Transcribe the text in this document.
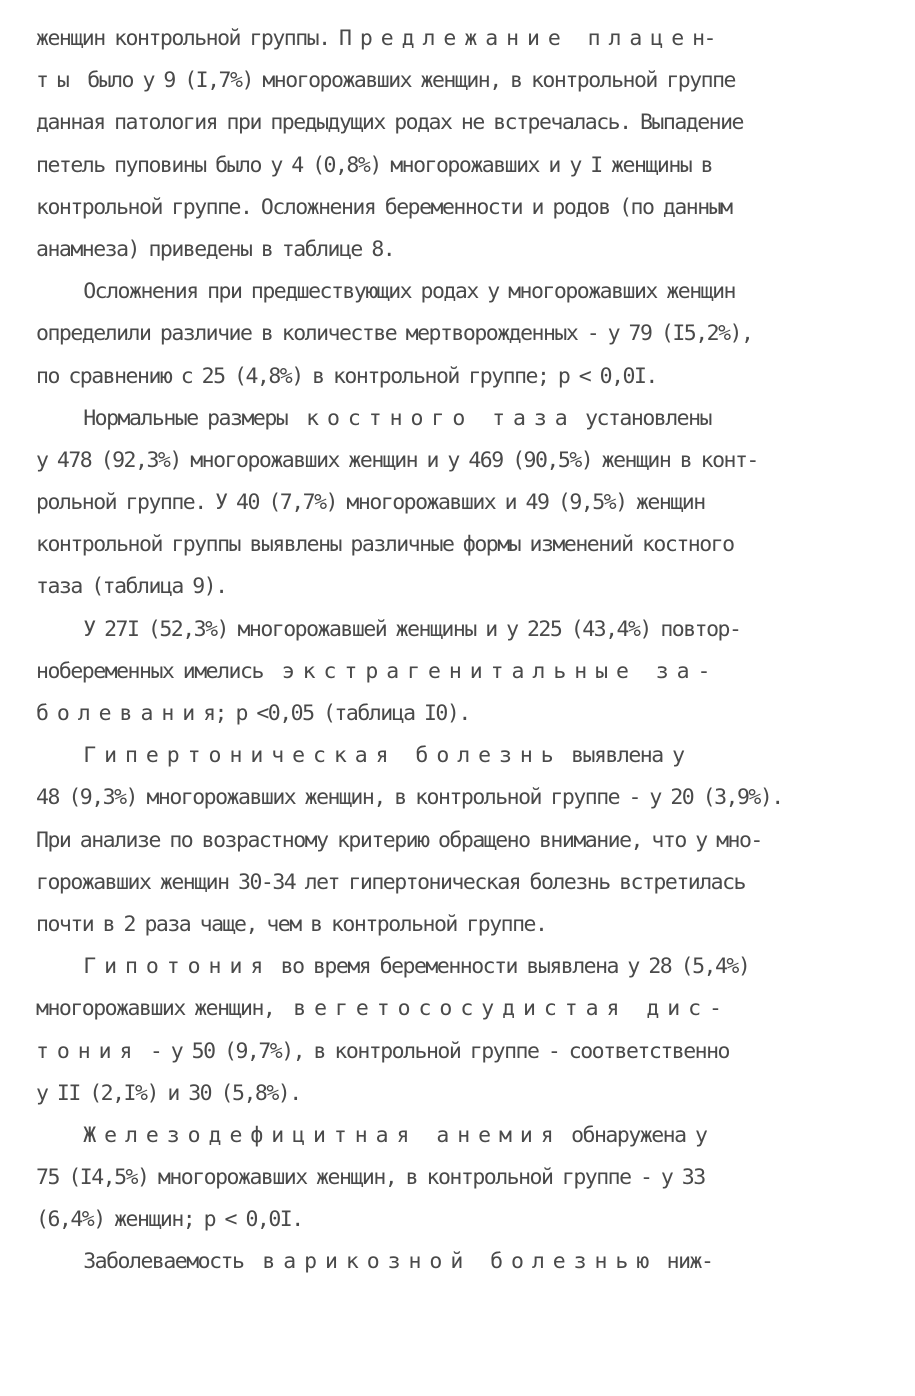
женщин контрольной группы. П р е д л е ж а н и е   п л а ц е н-
т ы  было у 9 (I,7%) многорожавших женщин, в контрольной группе
данная патология при предыдущих родах не встречалась. Выпадение
петель пуповины было у 4 (0,8%) многорожавших и у I женщины в
контрольной группе. Осложнения беременности и родов (по данным
анамнеза) приведены в таблице 8.
Осложнения при предшествующих родах у многорожавших женщин
определили различие в количестве мертворожденных - у 79 (I5,2%),
по сравнению с 25 (4,8%) в контрольной группе; р < 0,0I.
Нормальные размеры  к о с т н о г о   т а з а  установлены
у 478 (92,3%) многорожавших женщин и у 469 (90,5%) женщин в конт-
рольной группе. У 40 (7,7%) многорожавших и 49 (9,5%) женщин
контрольной группы выявлены различные формы изменений костного
таза (таблица 9).
У 27I (52,3%) многорожавшей женщины и у 225 (43,4%) повтор-
нобеременных имелись  э к с т р а г е н и т а л ь н ы е   з а -
б о л е в а н и я; р <0,05 (таблица I0).
Г и п е р т о н и ч е с к а я   б о л е з н ь  выявлена у
48 (9,3%) многорожавших женщин, в контрольной группе - у 20 (3,9%).
При анализе по возрастному критерию обращено внимание, что у мно-
горожавших женщин 30-34 лет гипертоническая болезнь встретилась
почти в 2 раза чаще, чем в контрольной группе.
Г и п о т о н и я  во время беременности выявлена у 28 (5,4%)
многорожавших женщин,  в е г е т о с о с у д и с т а я   д и с -
т о н и я  - у 50 (9,7%), в контрольной группе - соответственно
у II (2,I%) и 30 (5,8%).
Ж е л е з о д е ф и ц и т н а я   а н е м и я  обнаружена у
75 (I4,5%) многорожавших женщин, в контрольной группе - у 33
(6,4%) женщин; р < 0,0I.
Заболеваемость  в а р и к о з н о й   б о л е з н ь ю  ниж-
